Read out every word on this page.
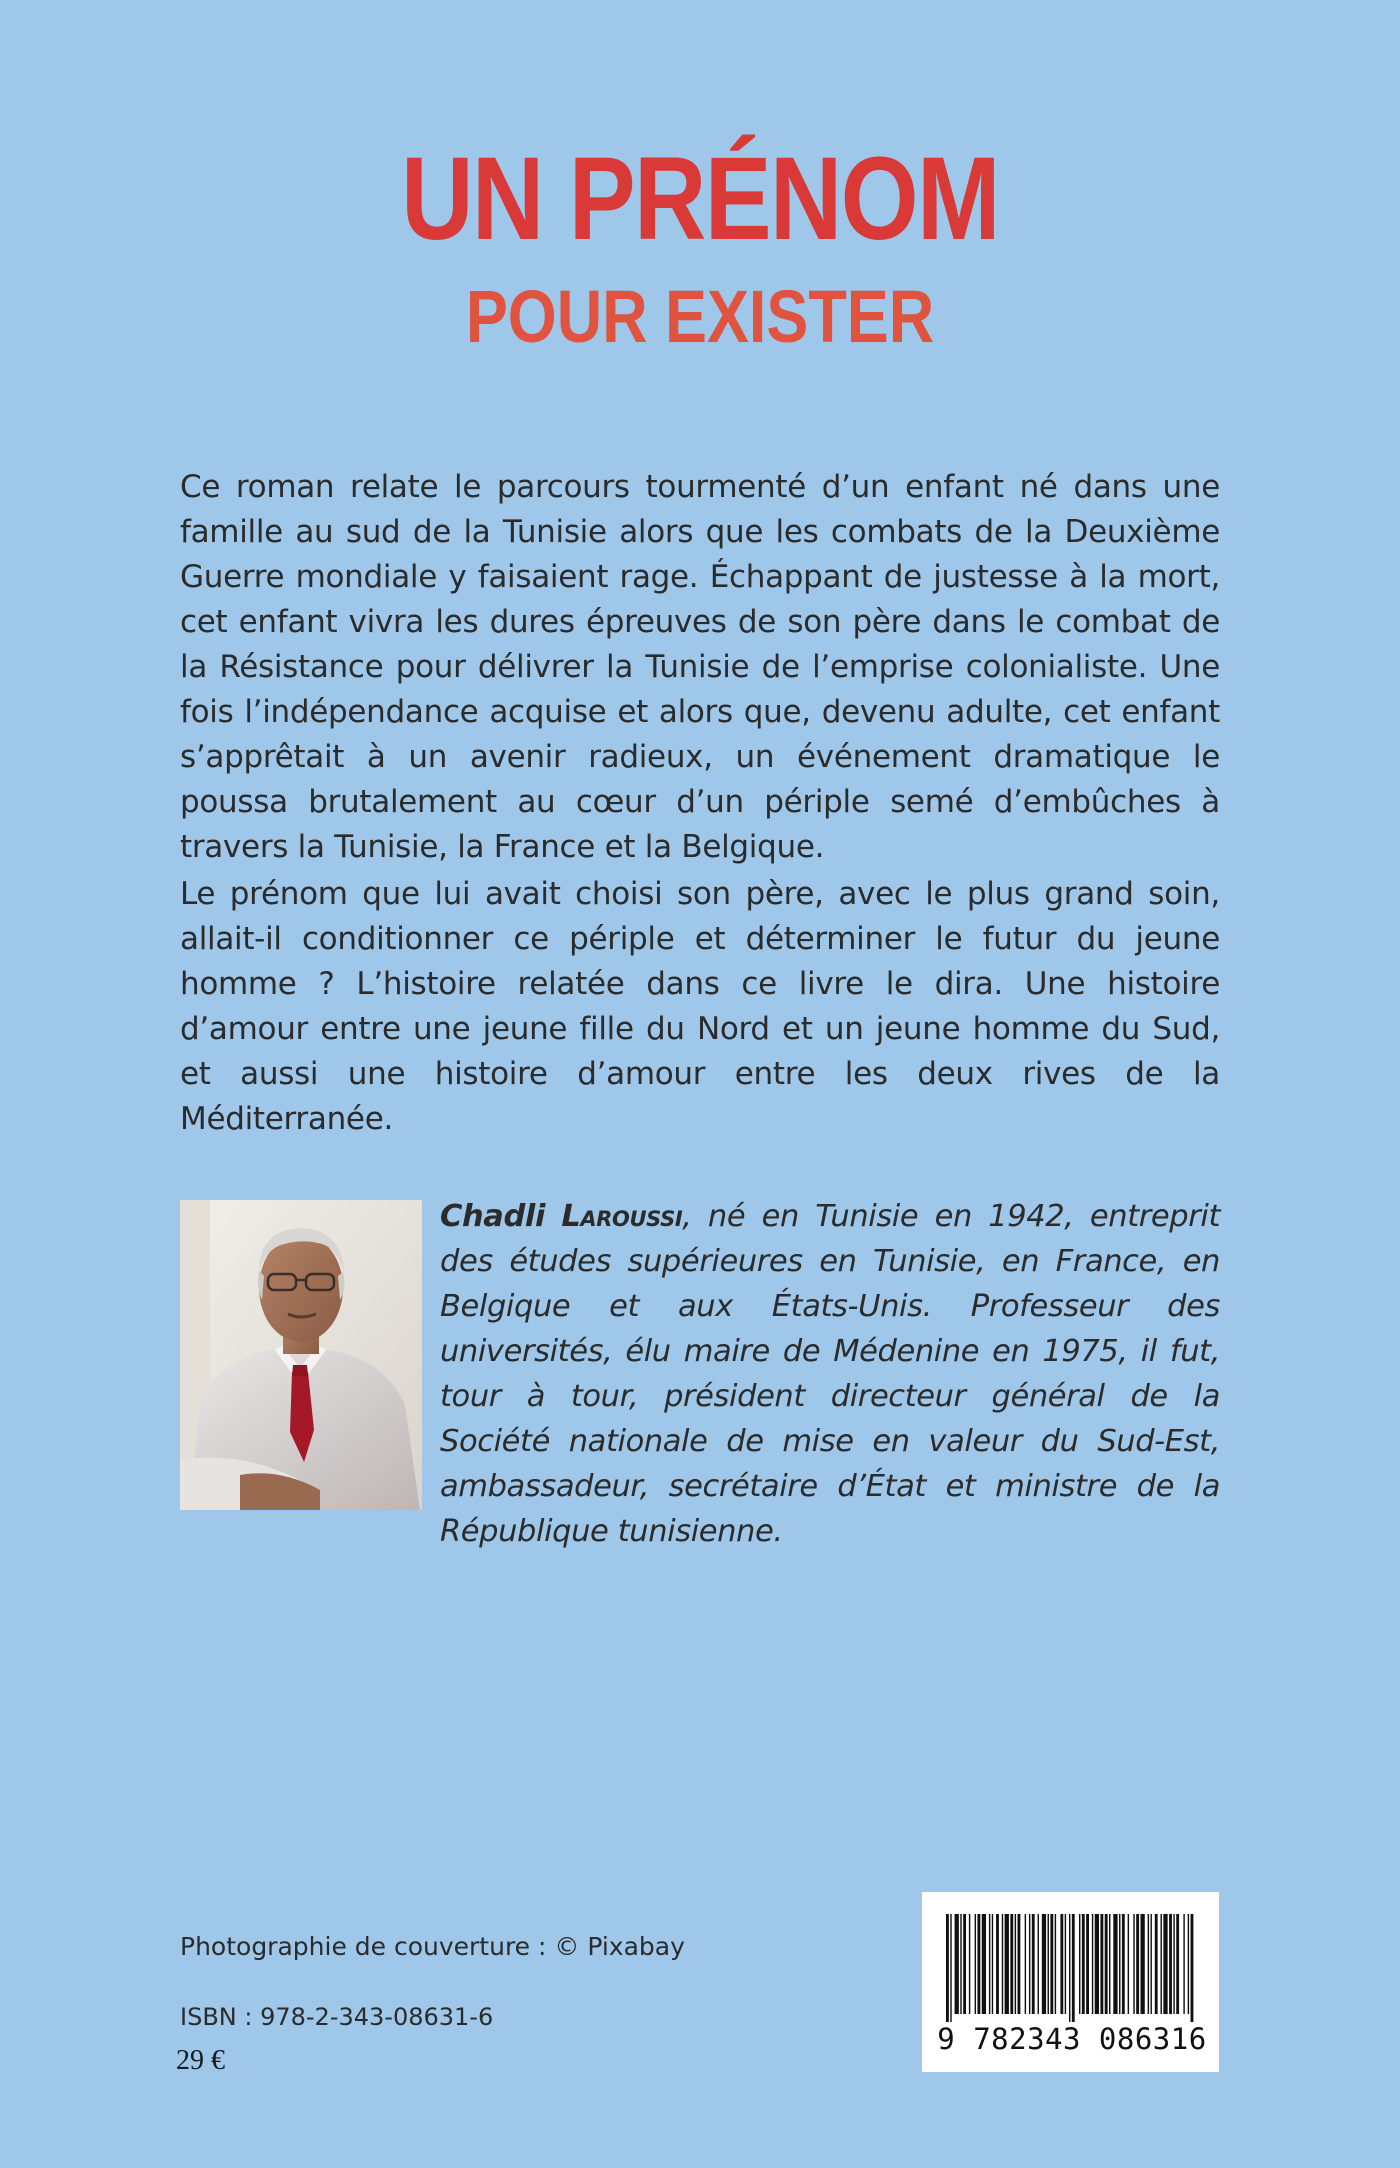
UN PRÉNOM
POUR EXISTER

Ce roman relate le parcours tourmenté d’un enfant né dans une famille au sud de la Tunisie alors que les combats de la Deuxième Guerre mondiale y faisaient rage. Échappant de justesse à la mort, cet enfant vivra les dures épreuves de son père dans le combat de la Résistance pour délivrer la Tunisie de l’emprise colonialiste. Une fois l’indépendance acquise et alors que, devenu adulte, cet enfant s’apprêtait à un avenir radieux, un événement dramatique le poussa brutalement au cœur d’un périple semé d’embûches à travers la Tunisie, la France et la Belgique.

Le prénom que lui avait choisi son père, avec le plus grand soin, allait-il conditionner ce périple et déterminer le futur du jeune homme ? L’histoire relatée dans ce livre le dira. Une histoire d’amour entre une jeune fille du Nord et un jeune homme du Sud, et aussi une histoire d’amour entre les deux rives de la Méditerranée.

Chadli Laroussi, né en Tunisie en 1942, entreprit des études supérieures en Tunisie, en France, en Belgique et aux États-Unis. Professeur des universités, élu maire de Médenine en 1975, il fut, tour à tour, président directeur général de la Société nationale de mise en valeur du Sud-Est, ambassadeur, secrétaire d’État et ministre de la République tunisienne.

Photographie de couverture : © Pixabay
ISBN : 978-2-343-08631-6
29 €
9 782343 086316
